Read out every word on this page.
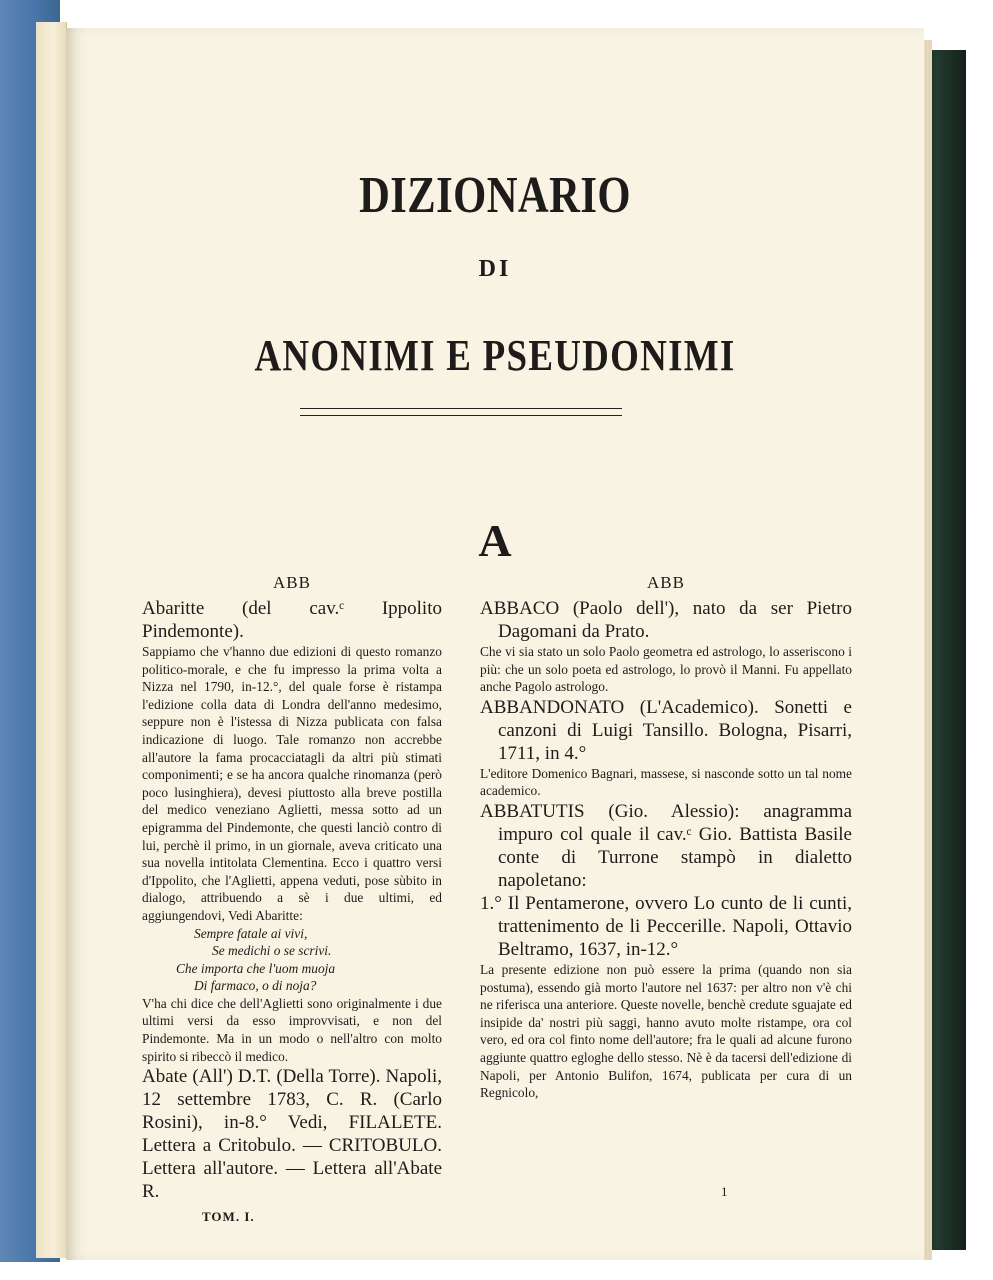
DIZIONARIO
DI
ANONIMI E PSEUDONIMI
A
ABB

Abaritte (del cav.ᶜ Ippolito Pindemonte).

Sappiamo che v'hanno due edizioni di questo romanzo politico-morale, e che fu impresso la prima volta a Nizza nel 1790, in-12.°, del quale forse è ristampa l'edizione colla data di Londra dell'anno medesimo, seppure non è l'istessa di Nizza publicata con falsa indicazione di luogo. Tale romanzo non accrebbe all'autore la fama procacciatagli da altri più stimati componimenti; e se ha ancora qualche rinomanza (però poco lusinghiera), devesi piuttosto alla breve postilla del medico veneziano Aglietti, messa sotto ad un epigramma del Pindemonte, che questi lanciò contro di lui, perchè il primo, in un giornale, aveva criticato una sua novella intitolata Clementina. Ecco i quattro versi d'Ippolito, che l'Aglietti, appena veduti, pose sùbito in dialogo, attribuendo a sè i due ultimi, ed aggiungendovi, Vedi Abaritte:

Sempre fatale ai vivi,
Se medichi o se scrivi.
Che importa che l'uom muoja
Di farmaco, o di noja?

V'ha chi dice che dell'Aglietti sono originalmente i due ultimi versi da esso improvvisati, e non del Pindemonte. Ma in un modo o nell'altro con molto spirito si ribeccò il medico.

Abate (All') D.T. (Della Torre). Napoli, 12 settembre 1783, C. R. (Carlo Rosini), in-8.° Vedi, FILALETE. Lettera a Critobulo. — CRITOBULO. Lettera all'autore. — Lettera all'Abate R.

TOM. I.
ABB

ABBACO (Paolo dell'), nato da ser Pietro Dagomani da Prato.

Che vi sia stato un solo Paolo geometra ed astrologo, lo asseriscono i più: che un solo poeta ed astrologo, lo provò il Manni. Fu appellato anche Pagolo astrologo.

ABBANDONATO (L'Academico). Sonetti e canzoni di Luigi Tansillo. Bologna, Pisarri, 1711, in 4.°

L'editore Domenico Bagnari, massese, si nasconde sotto un tal nome academico.

ABBATUTIS (Gio. Alessio): anagramma impuro col quale il cav.ᶜ Gio. Battista Basile conte di Turrone stampò in dialetto napoletano:

1.° Il Pentamerone, ovvero Lo cunto de li cunti, trattenimento de li Peccerille. Napoli, Ottavio Beltramo, 1637, in-12.°

La presente edizione non può essere la prima (quando non sia postuma), essendo già morto l'autore nel 1637: per altro non v'è chi ne riferisca una anteriore. Queste novelle, benchè credute sguajate ed insipide da' nostri più saggi, hanno avuto molte ristampe, ora col vero, ed ora col finto nome dell'autore; fra le quali ad alcune furono aggiunte quattro egloghe dello stesso. Nè è da tacersi dell'edizione di Napoli, per Antonio Bulifon, 1674, publicata per cura di un Regnicolo,

1
